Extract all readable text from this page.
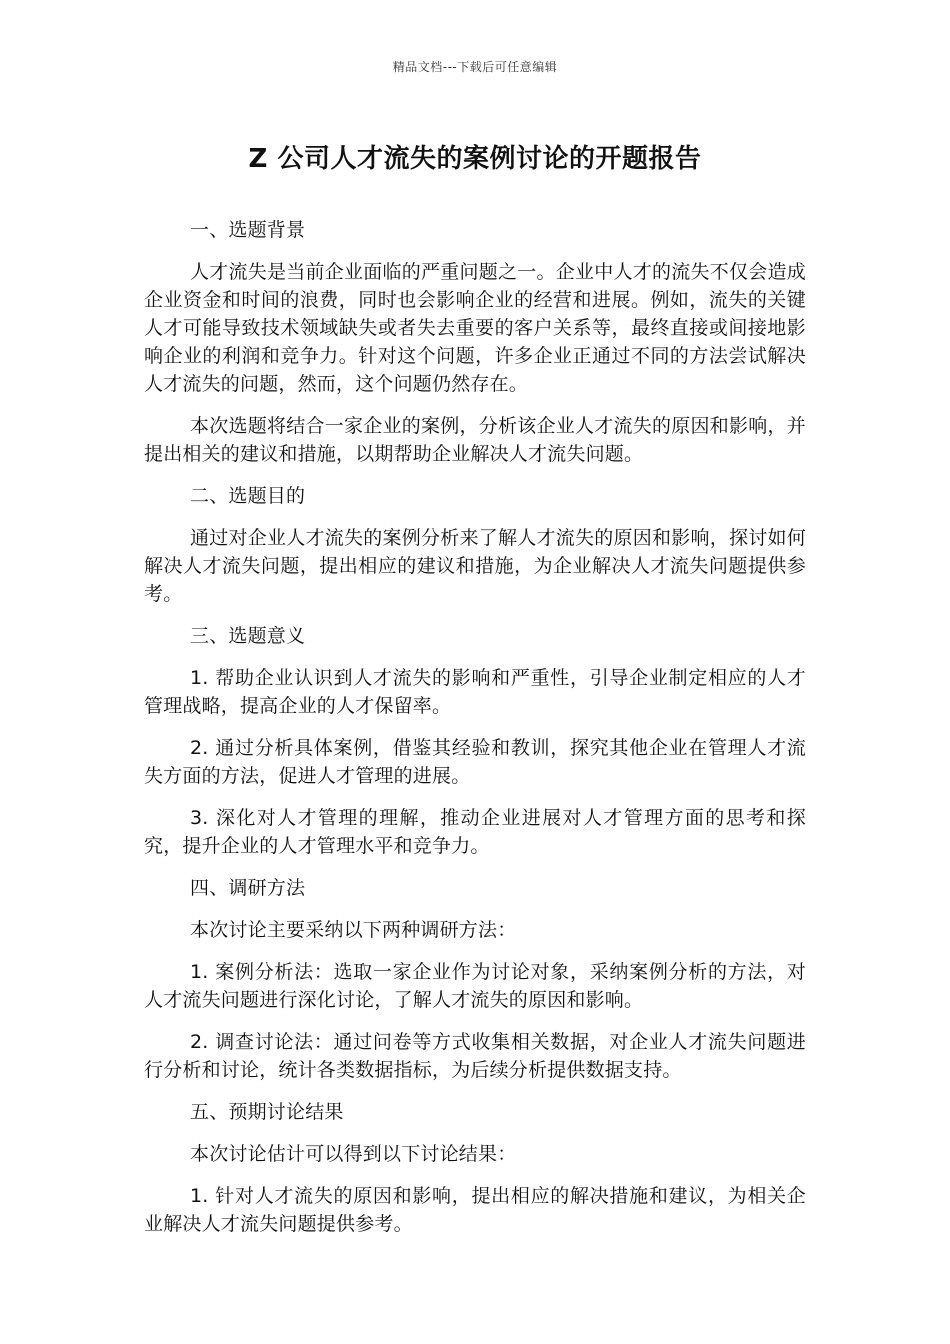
精品文档---下载后可任意编辑
Z 公司人才流失的案例讨论的开题报告

一、选题背景

人才流失是当前企业面临的严重问题之一。企业中人才的流失不仅会造成企业资金和时间的浪费，同时也会影响企业的经营和进展。例如，流失的关键人才可能导致技术领域缺失或者失去重要的客户关系等，最终直接或间接地影响企业的利润和竞争力。针对这个问题，许多企业正通过不同的方法尝试解决人才流失的问题，然而，这个问题仍然存在。

本次选题将结合一家企业的案例，分析该企业人才流失的原因和影响，并提出相关的建议和措施，以期帮助企业解决人才流失问题。

二、选题目的

通过对企业人才流失的案例分析来了解人才流失的原因和影响，探讨如何解决人才流失问题，提出相应的建议和措施，为企业解决人才流失问题提供参考。

三、选题意义

1. 帮助企业认识到人才流失的影响和严重性，引导企业制定相应的人才管理战略，提高企业的人才保留率。

2. 通过分析具体案例，借鉴其经验和教训，探究其他企业在管理人才流失方面的方法，促进人才管理的进展。

3. 深化对人才管理的理解，推动企业进展对人才管理方面的思考和探究，提升企业的人才管理水平和竞争力。

四、调研方法

本次讨论主要采纳以下两种调研方法：

1. 案例分析法：选取一家企业作为讨论对象，采纳案例分析的方法，对人才流失问题进行深化讨论，了解人才流失的原因和影响。

2. 调查讨论法：通过问卷等方式收集相关数据，对企业人才流失问题进行分析和讨论，统计各类数据指标，为后续分析提供数据支持。

五、预期讨论结果

本次讨论估计可以得到以下讨论结果：

1. 针对人才流失的原因和影响，提出相应的解决措施和建议，为相关企业解决人才流失问题提供参考。
